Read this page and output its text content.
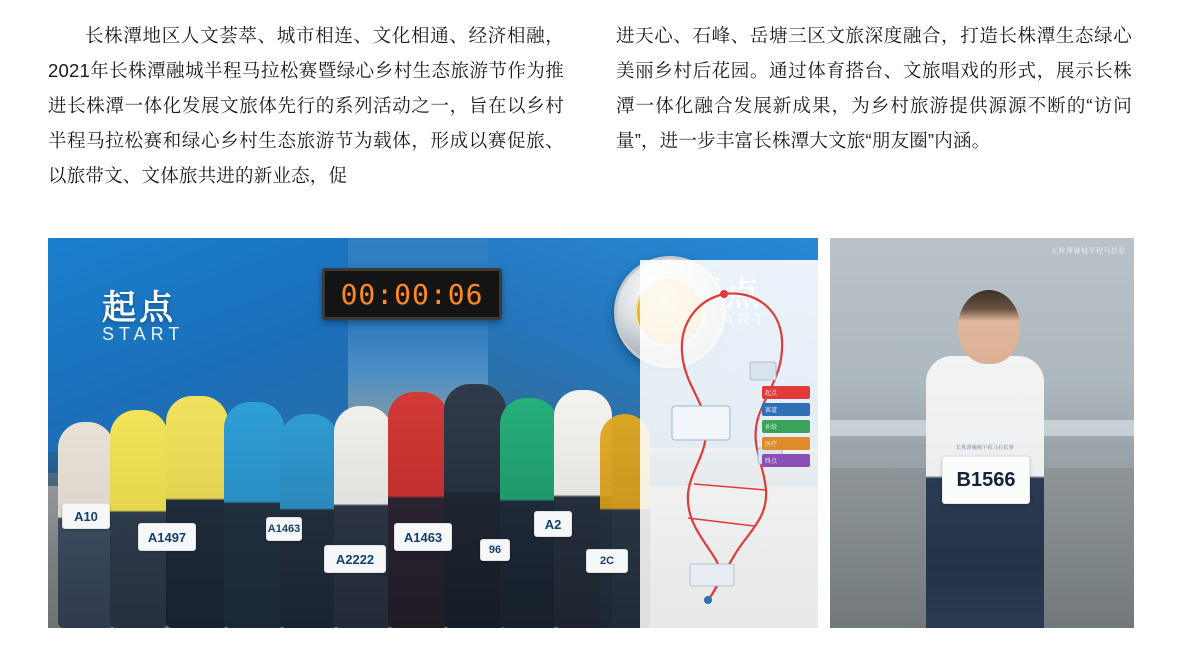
长株潭地区人文荟萃、城市相连、文化相通、经济相融，2021年长株潭融城半程马拉松赛暨绿心乡村生态旅游节作为推进长株潭一体化发展文旅体先行的系列活动之一，旨在以乡村半程马拉松赛和绿心乡村生态旅游节为载体，形成以赛促旅、以旅带文、文体旅共进的新业态，促

进天心、石峰、岳塘三区文旅深度融合，打造长株潭生态绿心美丽乡村后花园。通过体育搭台、文旅唱戏的形式，展示长株潭一体化融合发展新成果，为乡村旅游提供源源不断的“访问量”，进一步丰富长株潭大文旅“朋友圈”内涵。

起点
START
00:00:06
A10
A1497
A1463
A2222
A1463
96
A2
2C
起点
赛道
补给
医疗
终点
长株潭融城半程马拉松赛
B1566
长株潭融城半程马拉松
